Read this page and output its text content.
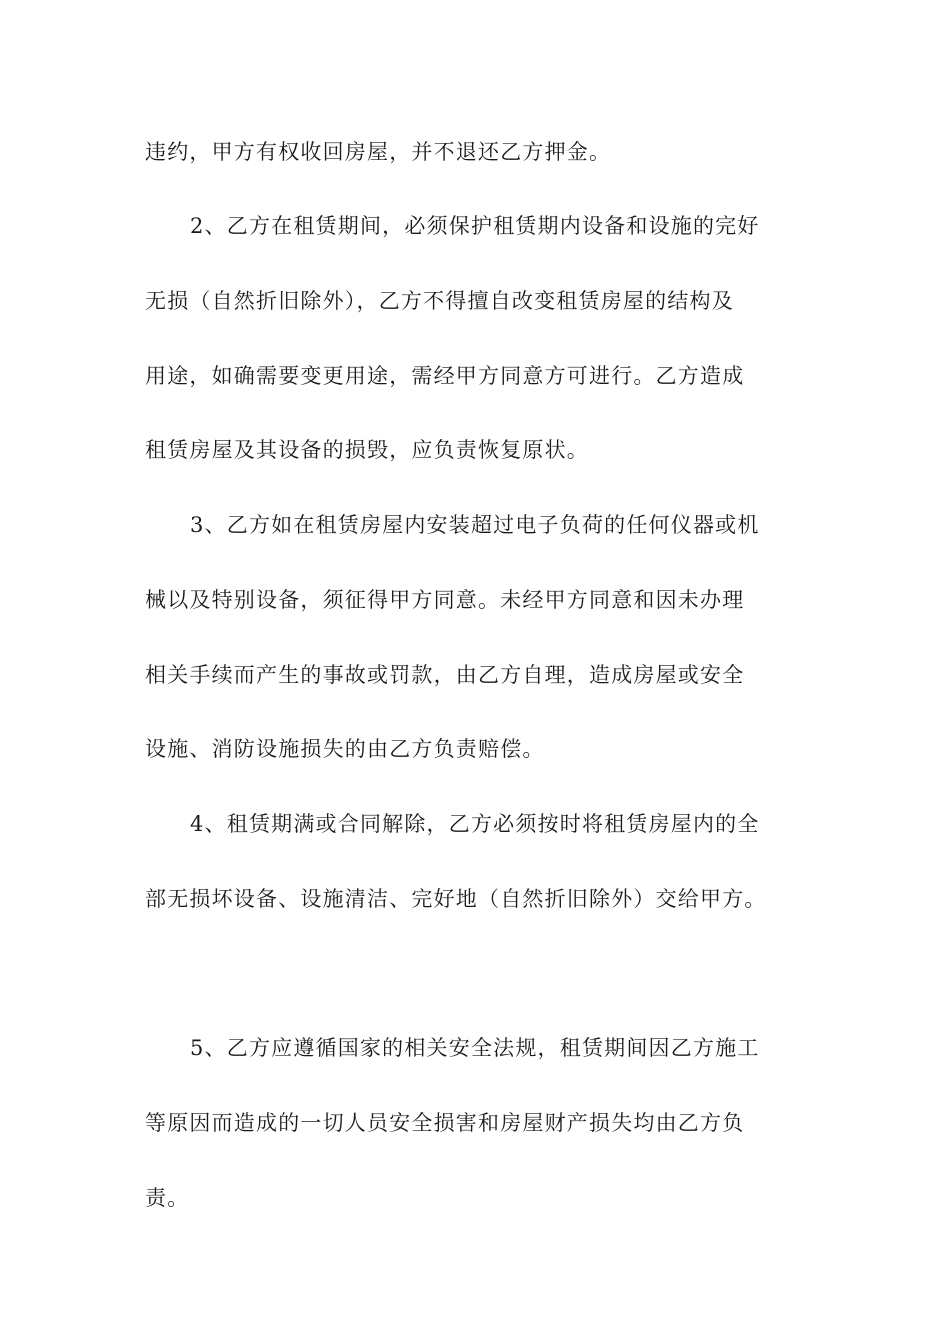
违约，甲方有权收回房屋，并不退还乙方押金。
2、乙方在租赁期间，必须保护租赁期内设备和设施的完好
无损（自然折旧除外），乙方不得擅自改变租赁房屋的结构及
用途，如确需要变更用途，需经甲方同意方可进行。乙方造成
租赁房屋及其设备的损毁，应负责恢复原状。
3、乙方如在租赁房屋内安装超过电子负荷的任何仪器或机
械以及特别设备，须征得甲方同意。未经甲方同意和因未办理
相关手续而产生的事故或罚款，由乙方自理，造成房屋或安全
设施、消防设施损失的由乙方负责赔偿。
4、租赁期满或合同解除，乙方必须按时将租赁房屋内的全
部无损坏设备、设施清洁、完好地（自然折旧除外）交给甲方。
5、乙方应遵循国家的相关安全法规，租赁期间因乙方施工
等原因而造成的一切人员安全损害和房屋财产损失均由乙方负
责。
